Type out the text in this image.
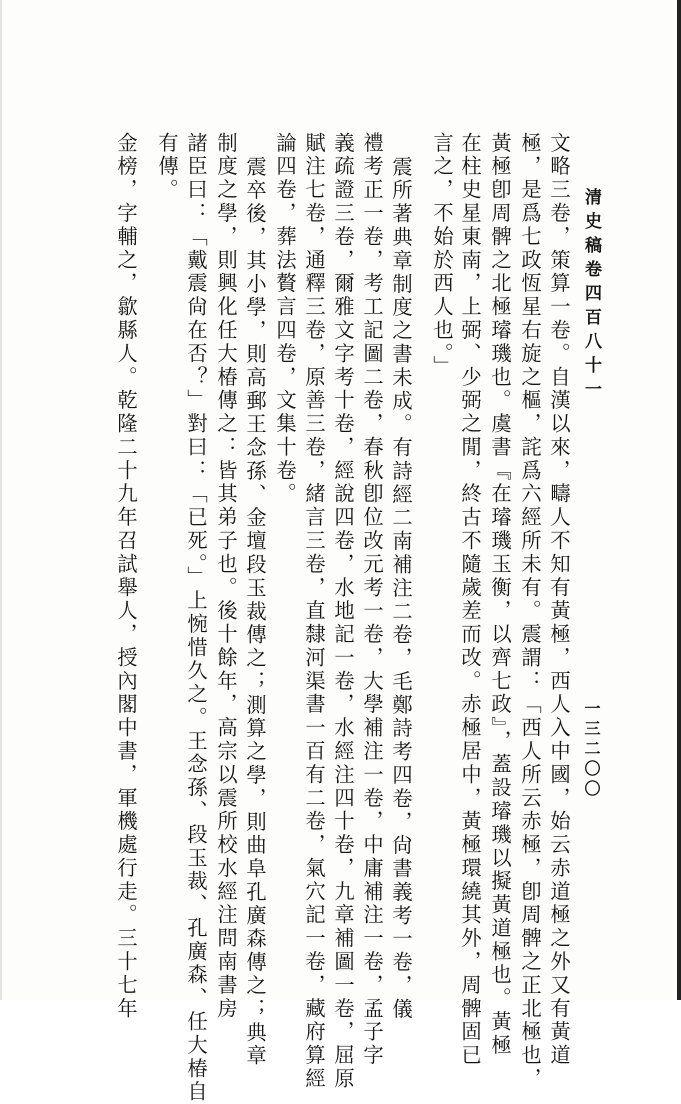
清史稿卷四百八十一
一三二〇〇

文略三卷，策算一卷。自漢以來，疇人不知有黃極，西人入中國，始云赤道極之外又有黃道

極，是爲七政恆星右旋之樞，詫爲六經所未有。震謂：「西人所云赤極，卽周髀之正北極也，

黃極卽周髀之北極璿璣也。虞書『在璿璣玉衡，以齊七政』，蓋設璿璣以擬黃道極也。黃極

在柱史星東南，上弼、少弼之閒，終古不隨歲差而改。赤極居中，黃極環繞其外，周髀固已

言之，不始於西人也。」

震所著典章制度之書未成。有詩經二南補注二卷，毛鄭詩考四卷，尙書義考一卷，儀

禮考正一卷，考工記圖二卷，春秋卽位改元考一卷，大學補注一卷，中庸補注一卷，孟子字

義疏證三卷，爾雅文字考十卷，經說四卷，水地記一卷，水經注四十卷，九章補圖一卷，屈原

賦注七卷，通釋三卷，原善三卷，緒言三卷，直隸河渠書一百有二卷，氣穴記一卷，藏府算經

論四卷，葬法贅言四卷，文集十卷。

震卒後，其小學，則高郵王念孫、金壇段玉裁傳之；測算之學，則曲阜孔廣森傳之；典章

制度之學，則興化任大椿傳之：皆其弟子也。後十餘年，高宗以震所校水經注問南書房

諸臣曰：「戴震尙在否？」對曰：「已死。」上惋惜久之。王念孫、段玉裁、孔廣森、任大椿自

有傳。

金榜，字輔之，歙縣人。乾隆二十九年召試舉人，授內閣中書，軍機處行走。三十七年
